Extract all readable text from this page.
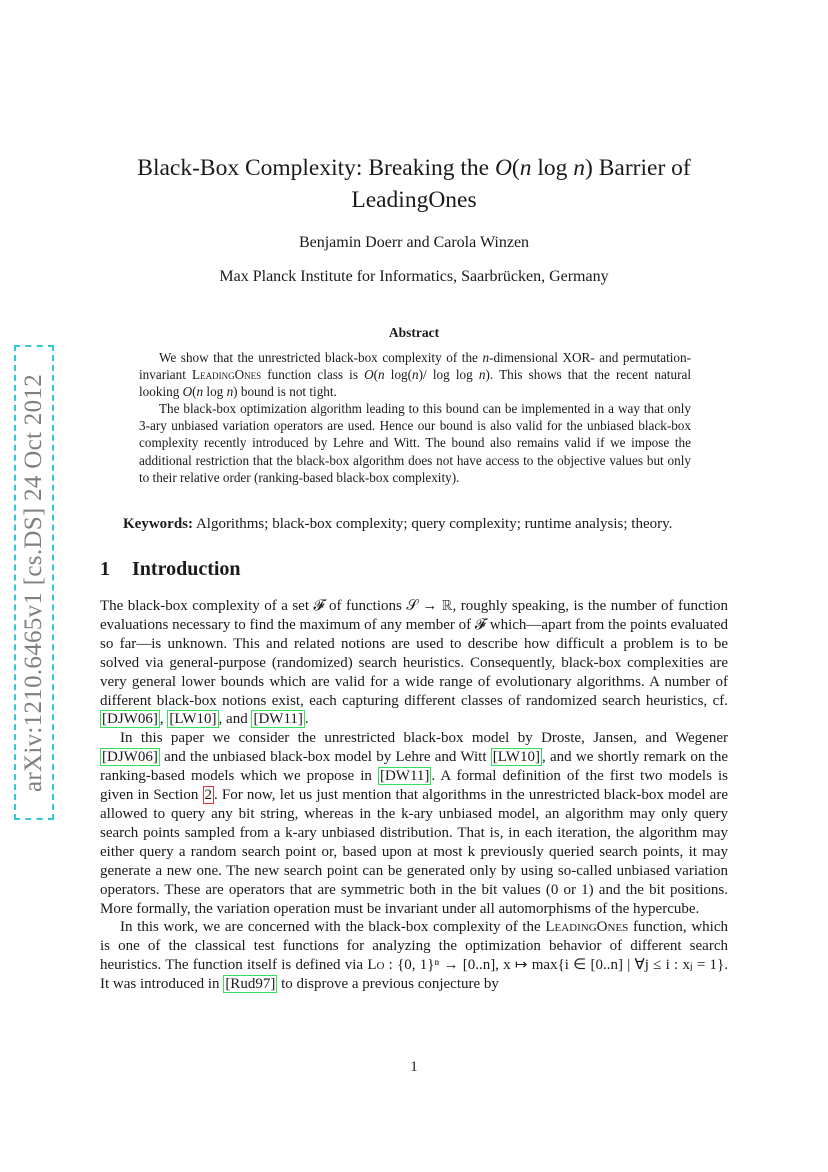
arXiv:1210.6465v1 [cs.DS] 24 Oct 2012
Black-Box Complexity: Breaking the O(n log n) Barrier of
LeadingOnes
Benjamin Doerr and Carola Winzen
Max Planck Institute for Informatics, Saarbrücken, Germany
Abstract

We show that the unrestricted black-box complexity of the n-dimensional XOR- and permutation-invariant LeadingOnes function class is O(n log(n)/ log log n). This shows that the recent natural looking O(n log n) bound is not tight.

The black-box optimization algorithm leading to this bound can be implemented in a way that only 3-ary unbiased variation operators are used. Hence our bound is also valid for the unbiased black-box complexity recently introduced by Lehre and Witt. The bound also remains valid if we impose the additional restriction that the black-box algorithm does not have access to the objective values but only to their relative order (ranking-based black-box complexity).

Keywords: Algorithms; black-box complexity; query complexity; runtime analysis; theory.
1 Introduction

The black-box complexity of a set 𝓕 of functions 𝒮 → ℝ, roughly speaking, is the number of function evaluations necessary to find the maximum of any member of 𝓕 which—apart from the points evaluated so far—is unknown. This and related notions are used to describe how difficult a problem is to be solved via general-purpose (randomized) search heuristics. Consequently, black-box complexities are very general lower bounds which are valid for a wide range of evolutionary algorithms. A number of different black-box notions exist, each capturing different classes of randomized search heuristics, cf. [DJW06] , [LW10] , and [DW11] .

In this paper we consider the unrestricted black-box model by Droste, Jansen, and Wegener [DJW06] and the unbiased black-box model by Lehre and Witt [LW10] , and we shortly remark on the ranking-based models which we propose in [DW11] . A formal definition of the first two models is given in Section 2 . For now, let us just mention that algorithms in the unrestricted black-box model are allowed to query any bit string, whereas in the k-ary unbiased model, an algorithm may only query search points sampled from a k-ary unbiased distribution. That is, in each iteration, the algorithm may either query a random search point or, based upon at most k previously queried search points, it may generate a new one. The new search point can be generated only by using so-called unbiased variation operators. These are operators that are symmetric both in the bit values (0 or 1) and the bit positions. More formally, the variation operation must be invariant under all automorphisms of the hypercube.

In this work, we are concerned with the black-box complexity of the LeadingOnes function, which is one of the classical test functions for analyzing the optimization behavior of different search heuristics. The function itself is defined via Lo : {0, 1}ⁿ → [0..n], x ↦ max{i ∈ [0..n] | ∀j ≤ i : xⱼ = 1}. It was introduced in [Rud97] to disprove a previous conjecture by

1
